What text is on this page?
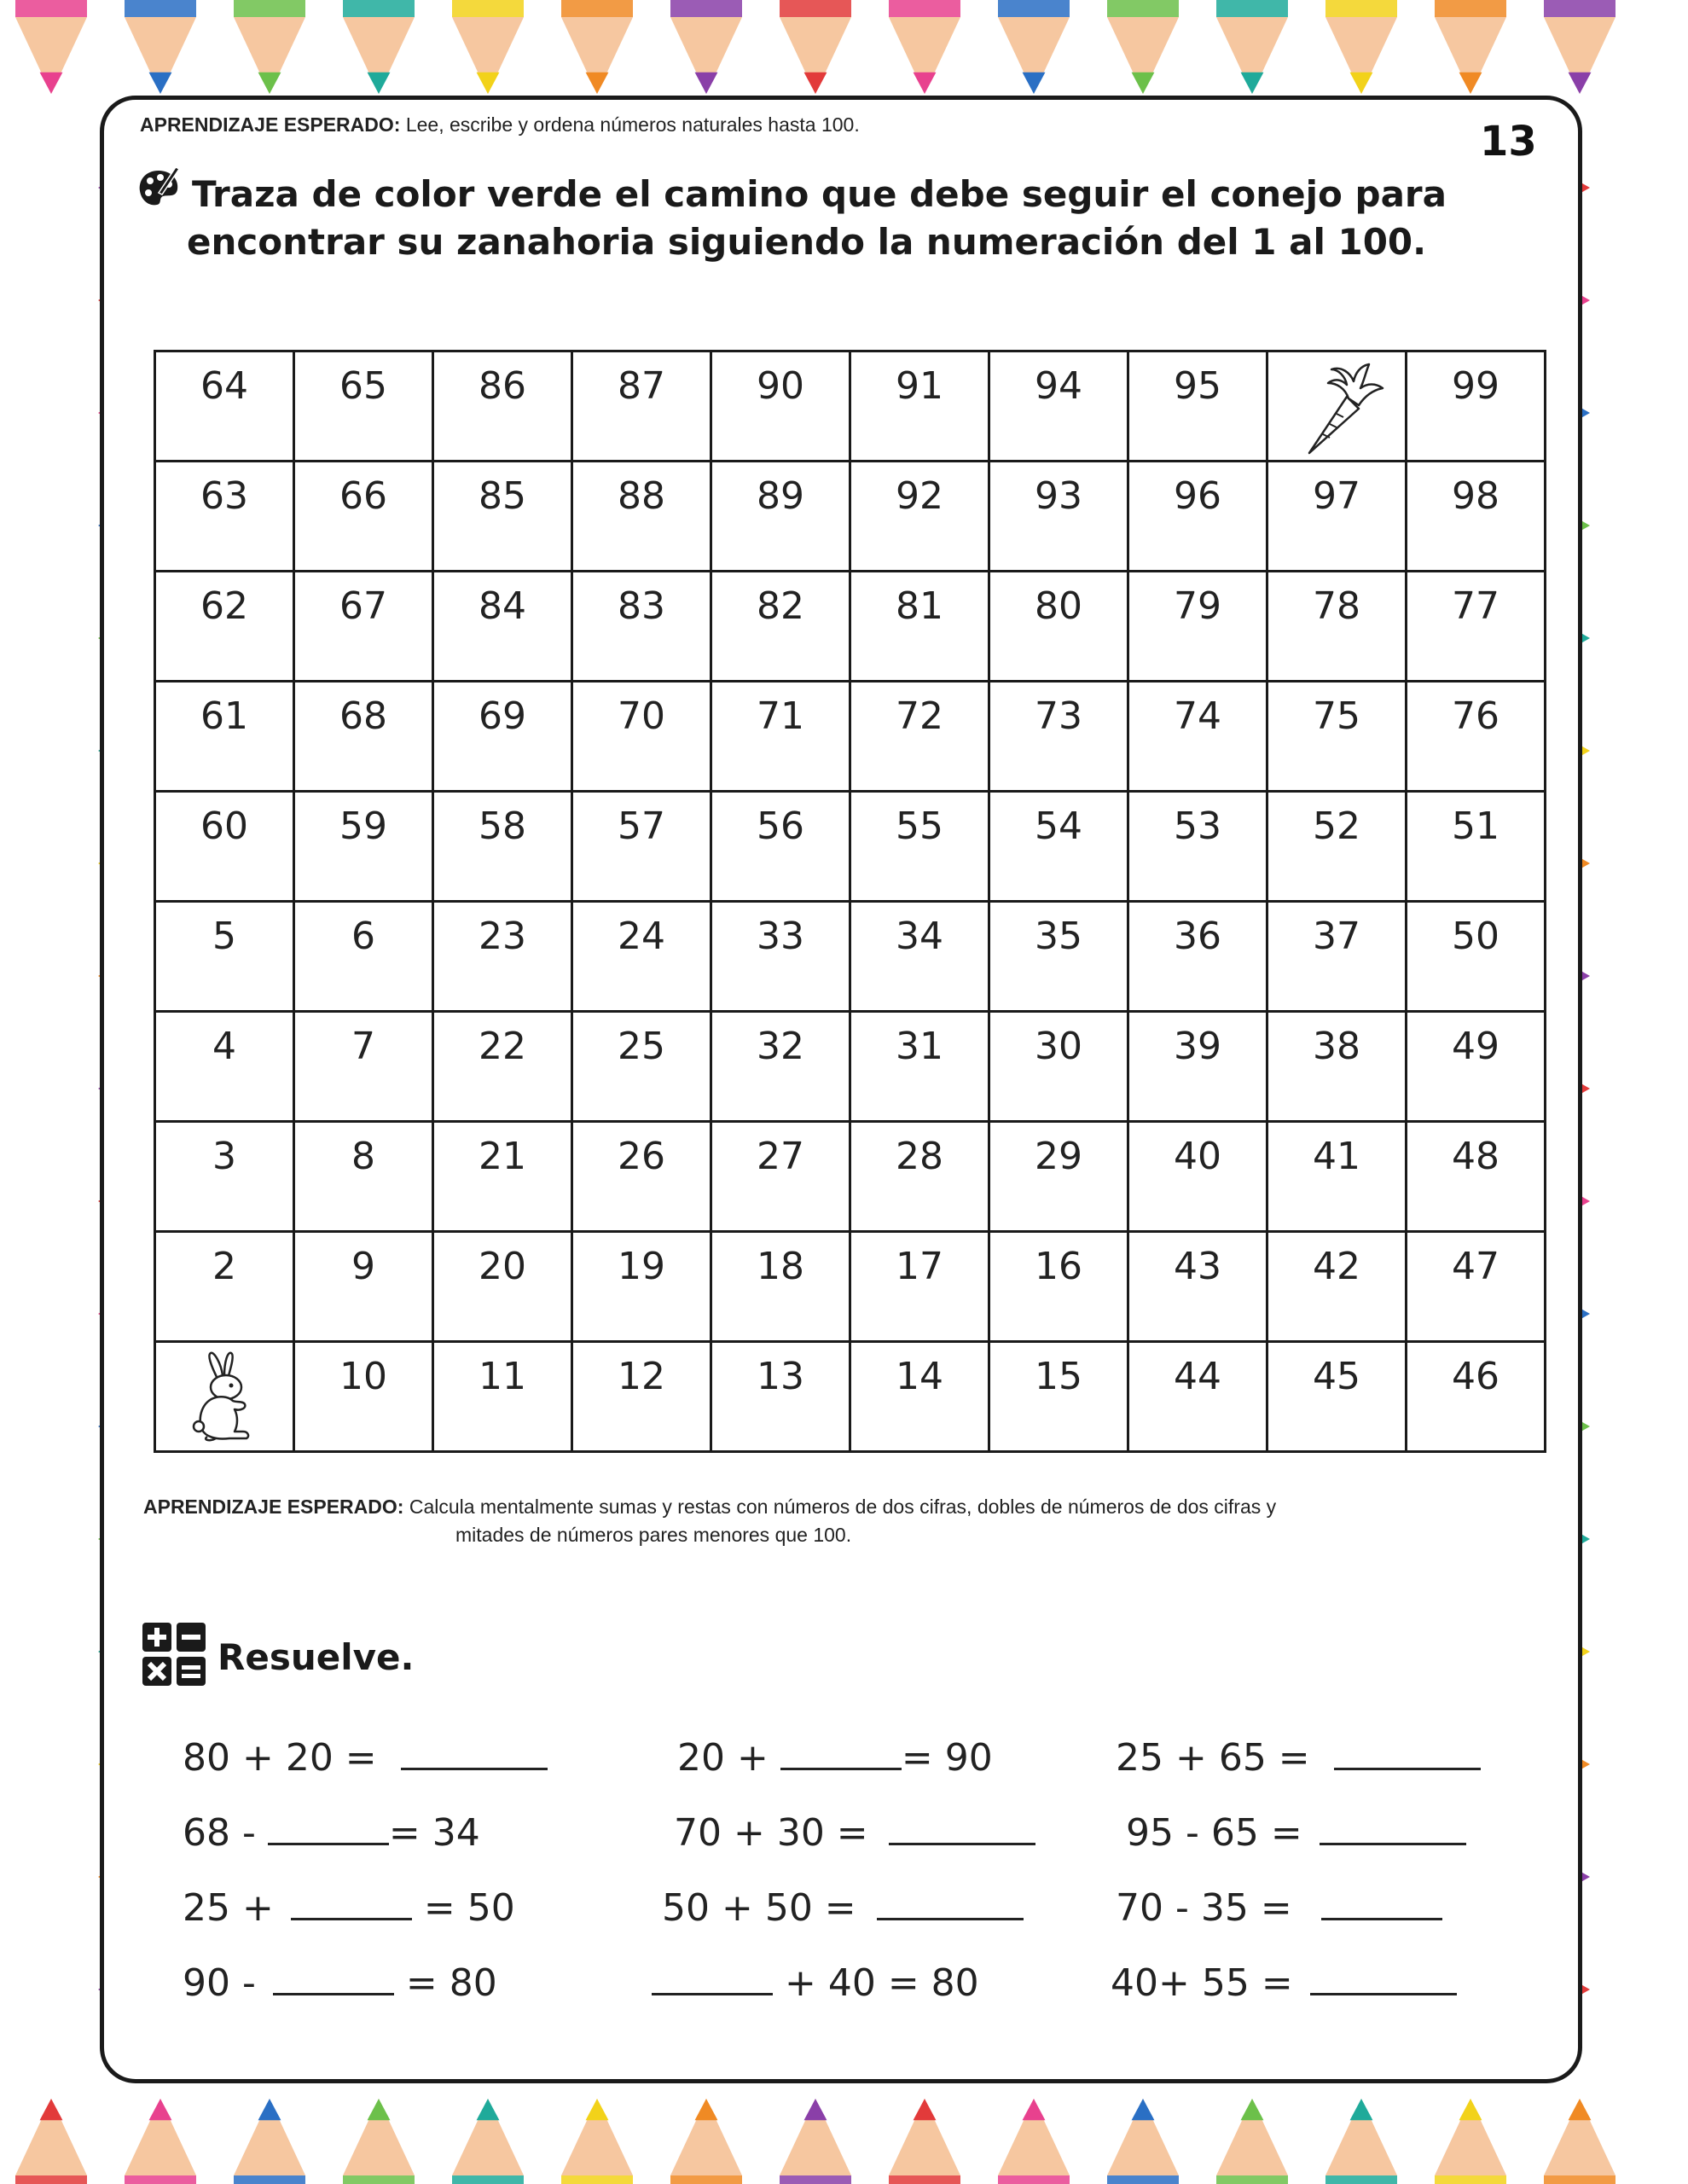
APRENDIZAJE ESPERADO: Lee, escribe y ordena números naturales hasta 100.	13
Traza de color verde el camino que debe seguir el conejo para
encontrar su zanahoria siguiendo la numeración del 1 al 100.
64	65	86	87	90	91	94	95		99
63	66	85	88	89	92	93	96	97	98
62	67	84	83	82	81	80	79	78	77
61	68	69	70	71	72	73	74	75	76
60	59	58	57	56	55	54	53	52	51
5	6	23	24	33	34	35	36	37	50
4	7	22	25	32	31	30	39	38	49
3	8	21	26	27	28	29	40	41	48
2	9	20	19	18	17	16	43	42	47

	10	11	12	13	14	15	44	45	46
APRENDIZAJE ESPERADO: Calcula mentalmente sumas y restas con números de dos cifras, dobles de números de dos cifras y
mitades de números pares menores que 100.
Resuelve.
80 + 20 =	20 +	= 90	25 + 65 =
68 -	= 34	70 + 30 =	95 - 65 =
25 +	= 50	50 + 50 =	70 - 35 =
90 -	= 80	+ 40 = 80	40+ 55 =
